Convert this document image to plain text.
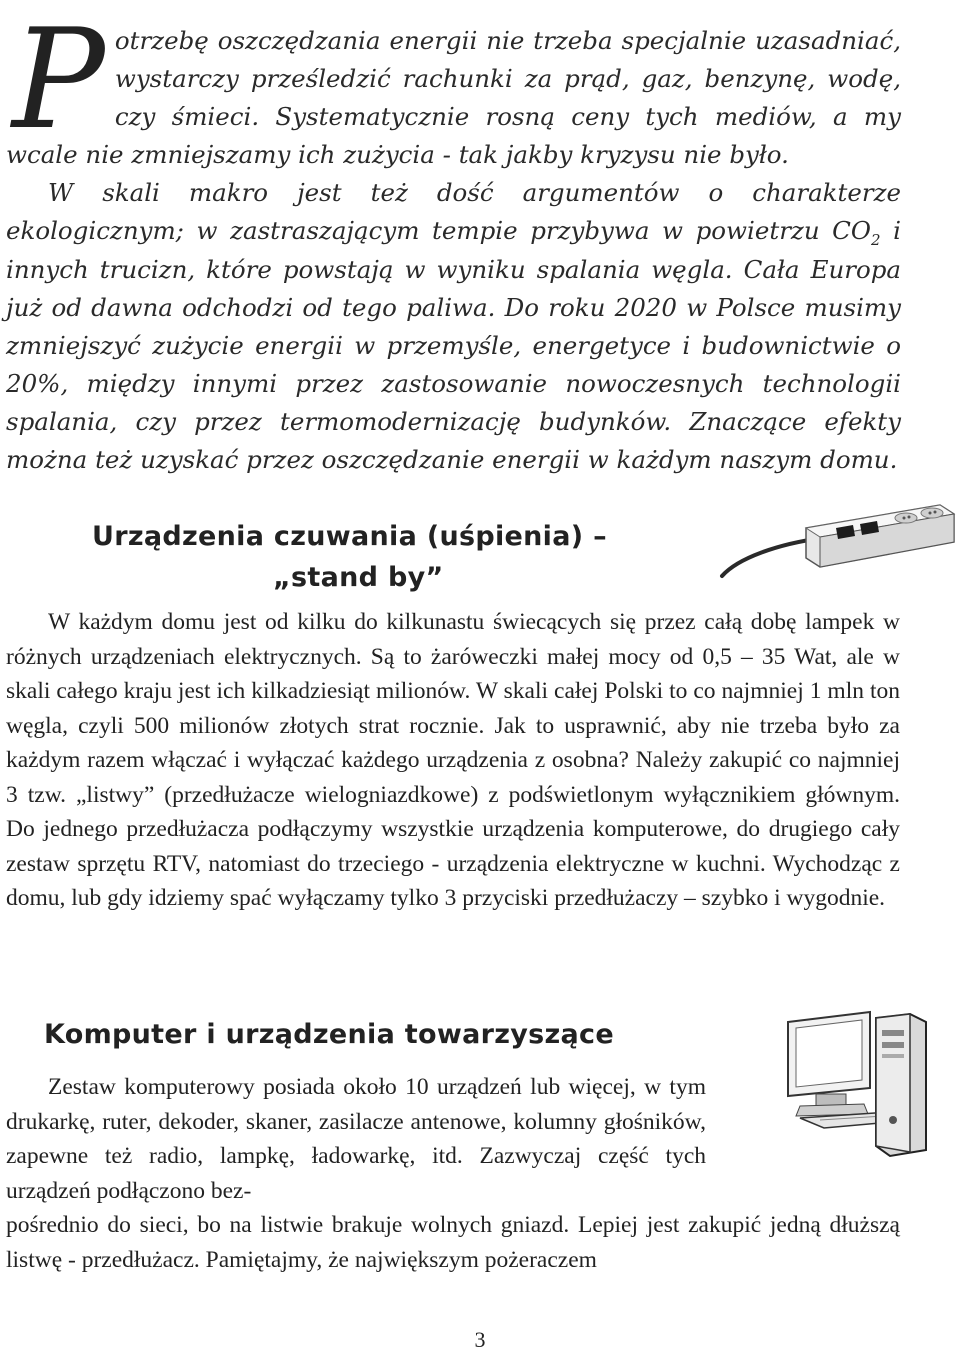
Potrzebę oszczędzania energii nie trzeba specjalnie uzasadniać, wystarczy prześledzić rachunki za prąd, gaz, benzynę, wodę, czy śmieci. Systematycznie rosną ceny tych mediów, a my wcale nie zmniejszamy ich zużycia - tak jakby kryzysu nie było.

W skali makro jest też dość argumentów o charakterze ekologicznym; w zastraszającym tempie przybywa w powietrzu $CO_2$ i innych trucizn, które powstają w wyniku spalania węgla. Cała Europa już od dawna odchodzi od tego paliwa. Do roku 2020 w Polsce musimy zmniejszyć zużycie energii w przemyśle, energetyce i budownictwie o 20%, między innymi przez zastosowanie nowoczesnych technologii spalania, czy przez termomodernizację budynków. Znaczące efekty można też uzyskać przez oszczędzanie energii w każdym naszym domu.

Urządzenia czuwania (uśpienia) –
„stand by”

W każdym domu jest od kilku do kilkunastu świecących się przez całą dobę lampek w różnych urządzeniach elektrycznych. Są to żaróweczki małej mocy od 0,5 – 35 Wat, ale w skali całego kraju jest ich kilkadziesiąt milionów. W skali całej Polski to co najmniej 1 mln ton węgla, czyli 500 milionów złotych strat rocznie. Jak to usprawnić, aby nie trzeba było za każdym razem włączać i wyłączać każdego urządzenia z osobna? Należy zakupić co najmniej 3 tzw. „listwy” (przedłużacze wielogniazdkowe) z podświetlonym wyłącznikiem głównym. Do jednego przedłużacza podłączymy wszystkie urządzenia komputerowe, do drugiego cały zestaw sprzętu RTV, natomiast do trzeciego - urządzenia elektryczne w kuchni. Wychodząc z domu, lub gdy idziemy spać wyłączamy tylko 3 przyciski przedłużaczy – szybko i wygodnie.

Komputer i urządzenia towarzyszące

Zestaw komputerowy posiada około 10 urządzeń lub więcej, w tym drukarkę, ruter, dekoder, skaner, zasilacze antenowe, kolumny głośników, zapewne też radio, lampkę, ładowarkę, itd. Zazwyczaj część tych urządzeń podłączono bez-

pośrednio do sieci, bo na listwie brakuje wolnych gniazd. Lepiej jest zakupić jedną dłuższą listwę - przedłużacz. Pamiętajmy, że największym pożeraczem

3
